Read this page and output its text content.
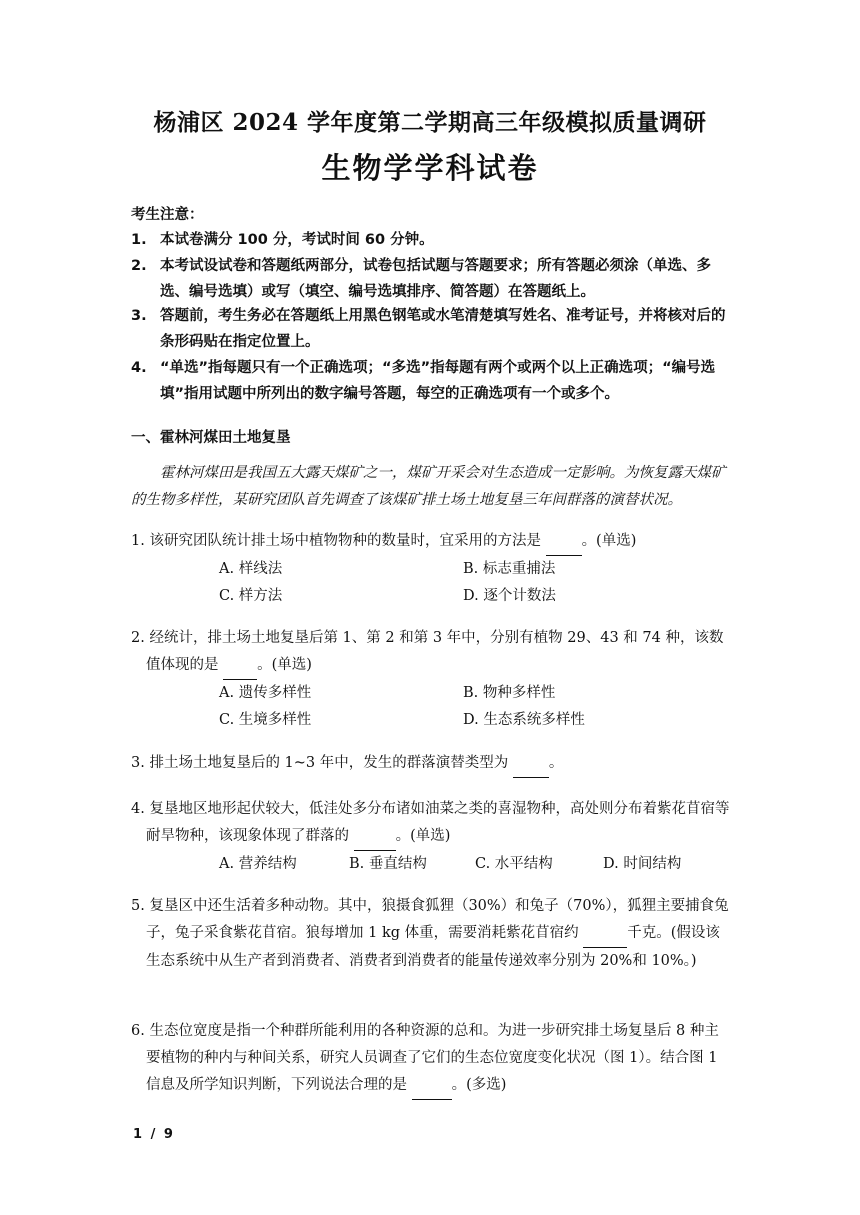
杨浦区 2024 学年度第二学期高三年级模拟质量调研
生物学学科试卷
考生注意：
1. 本试卷满分 100 分，考试时间 60 分钟。
2. 本考试设试卷和答题纸两部分，试卷包括试题与答题要求；所有答题必须涂（单选、多选、编号选填）或写（填空、编号选填排序、简答题）在答题纸上。
3. 答题前，考生务必在答题纸上用黑色钢笔或水笔清楚填写姓名、准考证号，并将核对后的条形码贴在指定位置上。
4. “单选”指每题只有一个正确选项；“多选”指每题有两个或两个以上正确选项；“编号选填”指用试题中所列出的数字编号答题，每空的正确选项有一个或多个。
一、霍林河煤田土地复垦
霍林河煤田是我国五大露天煤矿之一，煤矿开采会对生态造成一定影响。为恢复露天煤矿的生物多样性，某研究团队首先调查了该煤矿排土场土地复垦三年间群落的演替状况。
1. 该研究团队统计排土场中植物物种的数量时，宜采用的方法是	。(单选)
A. 样线法	B. 标志重捕法
C. 样方法	D. 逐个计数法
2. 经统计，排土场土地复垦后第 1、第 2 和第 3 年中，分别有植物 29、43 和 74 种，该数值体现的是	。(单选)
A. 遗传多样性	B. 物种多样性
C. 生境多样性	D. 生态系统多样性
3. 排土场土地复垦后的 1~3 年中，发生的群落演替类型为	。
4. 复垦地区地形起伏较大，低洼处多分布诸如油菜之类的喜湿物种，高处则分布着紫花苜宿等耐旱物种，该现象体现了群落的	。(单选)
A. 营养结构	B. 垂直结构	C. 水平结构	D. 时间结构
5. 复垦区中还生活着多种动物。其中，狼摄食狐狸（30%）和兔子（70%），狐狸主要捕食兔子，兔子采食紫花苜宿。狼每增加 1 kg 体重，需要消耗紫花苜宿约	千克。(假设该生态系统中从生产者到消费者、消费者到消费者的能量传递效率分别为 20%和 10%。)
6. 生态位宽度是指一个种群所能利用的各种资源的总和。为进一步研究排土场复垦后 8 种主要植物的种内与种间关系，研究人员调查了它们的生态位宽度变化状况（图 1）。结合图 1 信息及所学知识判断，下列说法合理的是	。(多选)
1 / 9
